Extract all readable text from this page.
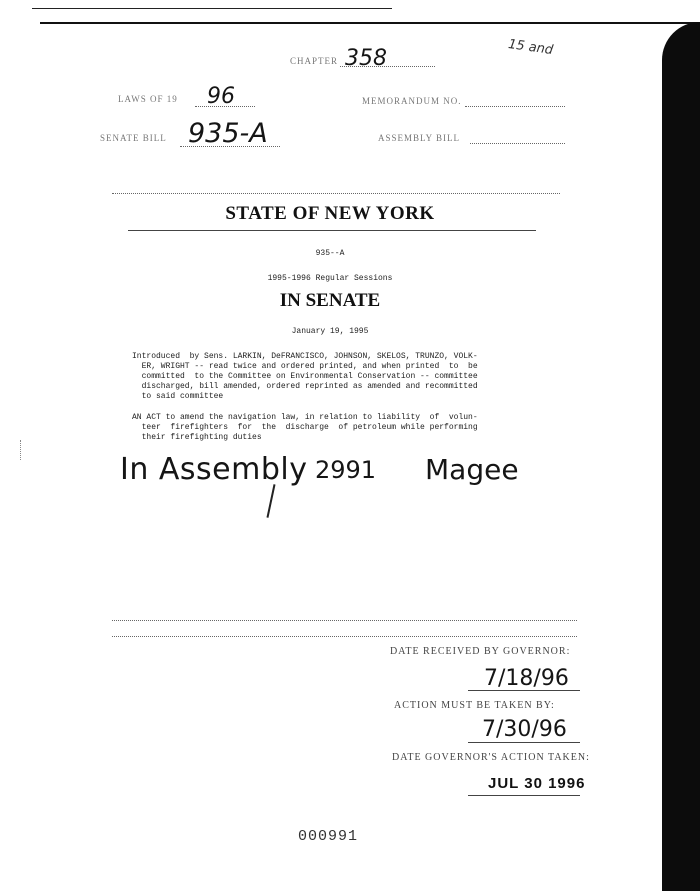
CHAPTER 358	15 and
LAWS OF 19 96	MEMORANDUM NO.
SENATE BILL 935-A	ASSEMBLY BILL
STATE OF NEW YORK
935--A
1995-1996 Regular Sessions
IN SENATE
January 19, 1995
Introduced  by Sens. LARKIN, DeFRANCISCO, JOHNSON, SKELOS, TRUNZO, VOLK-
ER, WRIGHT -- read twice and ordered printed, and when printed  to  be
committed  to the Committee on Environmental Conservation -- committee
discharged, bill amended, ordered reprinted as amended and recommitted
to said committee
AN ACT to amend the navigation law, in relation to liability  of  volun-
teer  firefighters  for  the  discharge  of petroleum while performing
their firefighting duties
In Assembly 2991 Magee
DATE RECEIVED BY GOVERNOR:
7/18/96
ACTION MUST BE TAKEN BY:
7/30/96
DATE GOVERNOR'S ACTION TAKEN:
JUL 30 1996
000991
